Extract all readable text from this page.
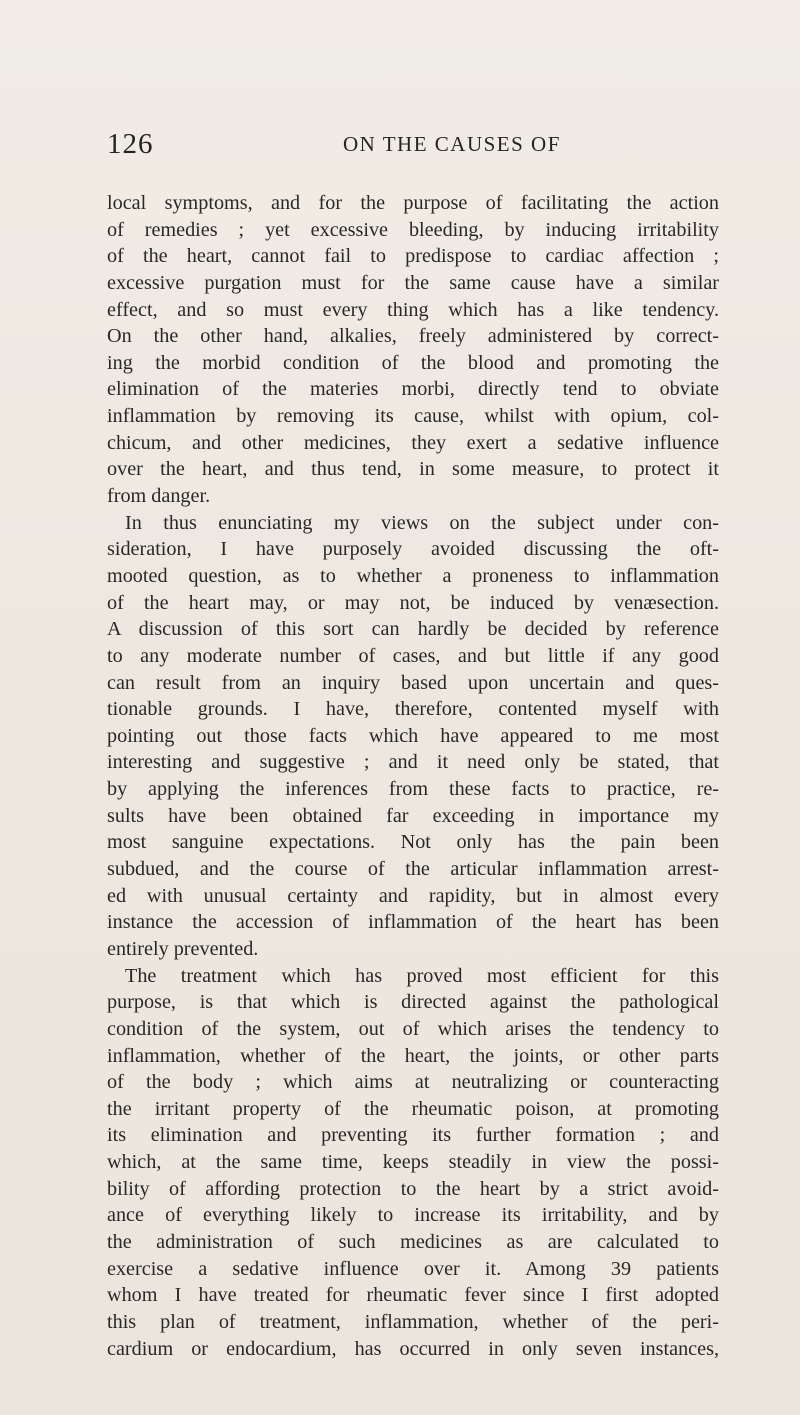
126	ON THE CAUSES OF
local symptoms, and for the purpose of facilitating the action
of remedies ; yet excessive bleeding, by inducing irritability
of the heart, cannot fail to predispose to cardiac affection ;
excessive purgation must for the same cause have a similar
effect, and so must every thing which has a like tendency.
On the other hand, alkalies, freely administered by correct-
ing the morbid condition of the blood and promoting the
elimination of the materies morbi, directly tend to obviate
inflammation by removing its cause, whilst with opium, col-
chicum, and other medicines, they exert a sedative influence
over the heart, and thus tend, in some measure, to protect it
from danger.
In thus enunciating my views on the subject under con-
sideration, I have purposely avoided discussing the oft-
mooted question, as to whether a proneness to inflammation
of the heart may, or may not, be induced by venæsection.
A discussion of this sort can hardly be decided by reference
to any moderate number of cases, and but little if any good
can result from an inquiry based upon uncertain and ques-
tionable grounds. I have, therefore, contented myself with
pointing out those facts which have appeared to me most
interesting and suggestive ; and it need only be stated, that
by applying the inferences from these facts to practice, re-
sults have been obtained far exceeding in importance my
most sanguine expectations. Not only has the pain been
subdued, and the course of the articular inflammation arrest-
ed with unusual certainty and rapidity, but in almost every
instance the accession of inflammation of the heart has been
entirely prevented.
The treatment which has proved most efficient for this
purpose, is that which is directed against the pathological
condition of the system, out of which arises the tendency to
inflammation, whether of the heart, the joints, or other parts
of the body ; which aims at neutralizing or counteracting
the irritant property of the rheumatic poison, at promoting
its elimination and preventing its further formation ; and
which, at the same time, keeps steadily in view the possi-
bility of affording protection to the heart by a strict avoid-
ance of everything likely to increase its irritability, and by
the administration of such medicines as are calculated to
exercise a sedative influence over it. Among 39 patients
whom I have treated for rheumatic fever since I first adopted
this plan of treatment, inflammation, whether of the peri-
cardium or endocardium, has occurred in only seven instances,
